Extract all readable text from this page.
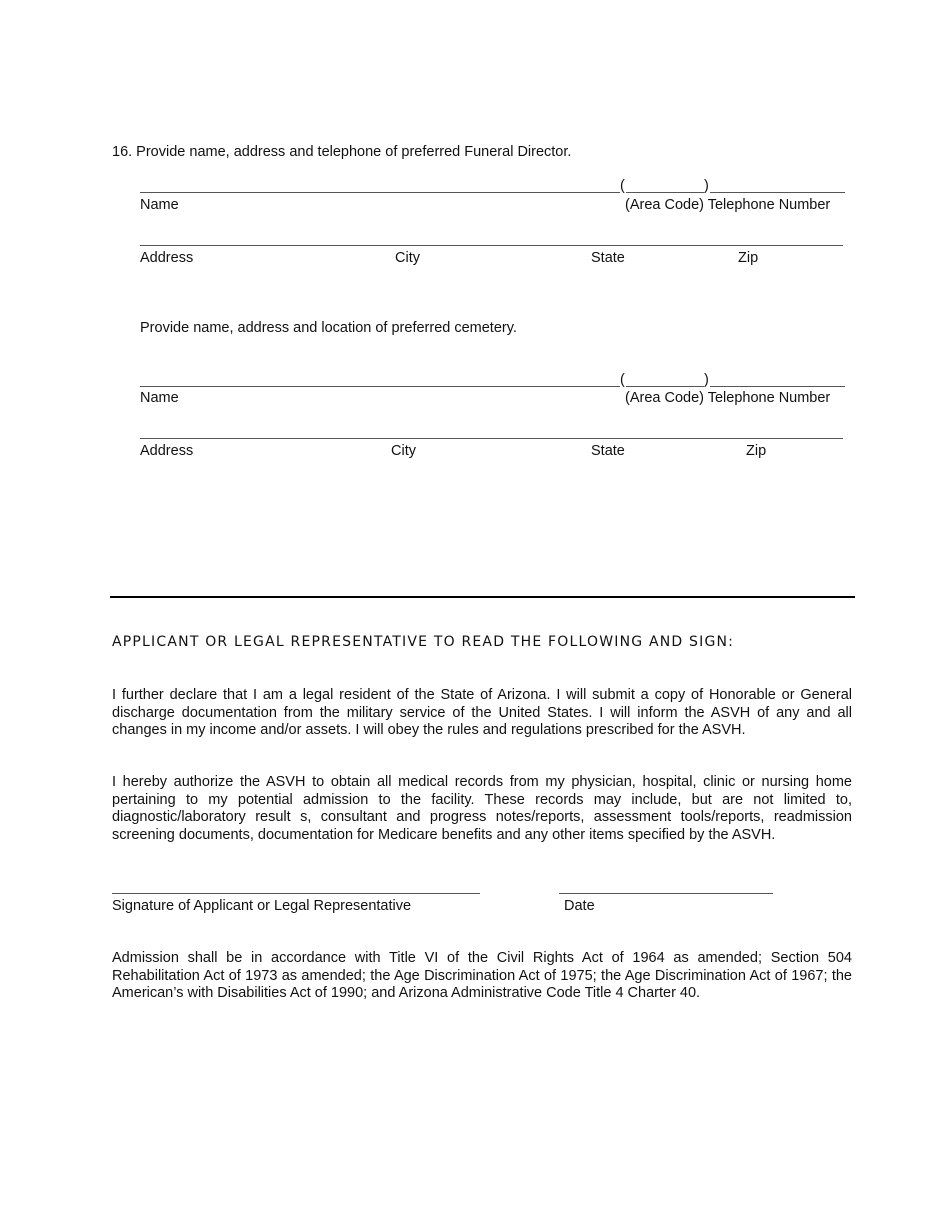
16. Provide name, address and telephone of preferred Funeral Director.
(	)
Name	(Area Code) Telephone Number
Address	City	State	Zip
Provide name, address and location of preferred cemetery.
(	)
Name	(Area Code) Telephone Number
Address	City	State	Zip
APPLICANT OR LEGAL REPRESENTATIVE TO READ THE FOLLOWING AND SIGN:
I further declare that I am a legal resident of the State of Arizona. I will submit a copy of Honorable or General discharge documentation from the military service of the United States. I will inform the ASVH of any and all changes in my income and/or assets. I will obey the rules and regulations prescribed for the ASVH.
I hereby authorize the ASVH to obtain all medical records from my physician, hospital, clinic or nursing home pertaining to my potential admission to the facility. These records may include, but are not limited to, diagnostic/laboratory result s, consultant and progress notes/reports, assessment tools/reports, readmission screening documents, documentation for Medicare benefits and any other items specified by the ASVH.
Signature of Applicant or Legal Representative	Date
Admission shall be in accordance with Title VI of the Civil Rights Act of 1964 as amended; Section 504 Rehabilitation Act of 1973 as amended; the Age Discrimination Act of 1975; the Age Discrimination Act of 1967; the American’s with Disabilities Act of 1990; and Arizona Administrative Code Title 4 Charter 40.
